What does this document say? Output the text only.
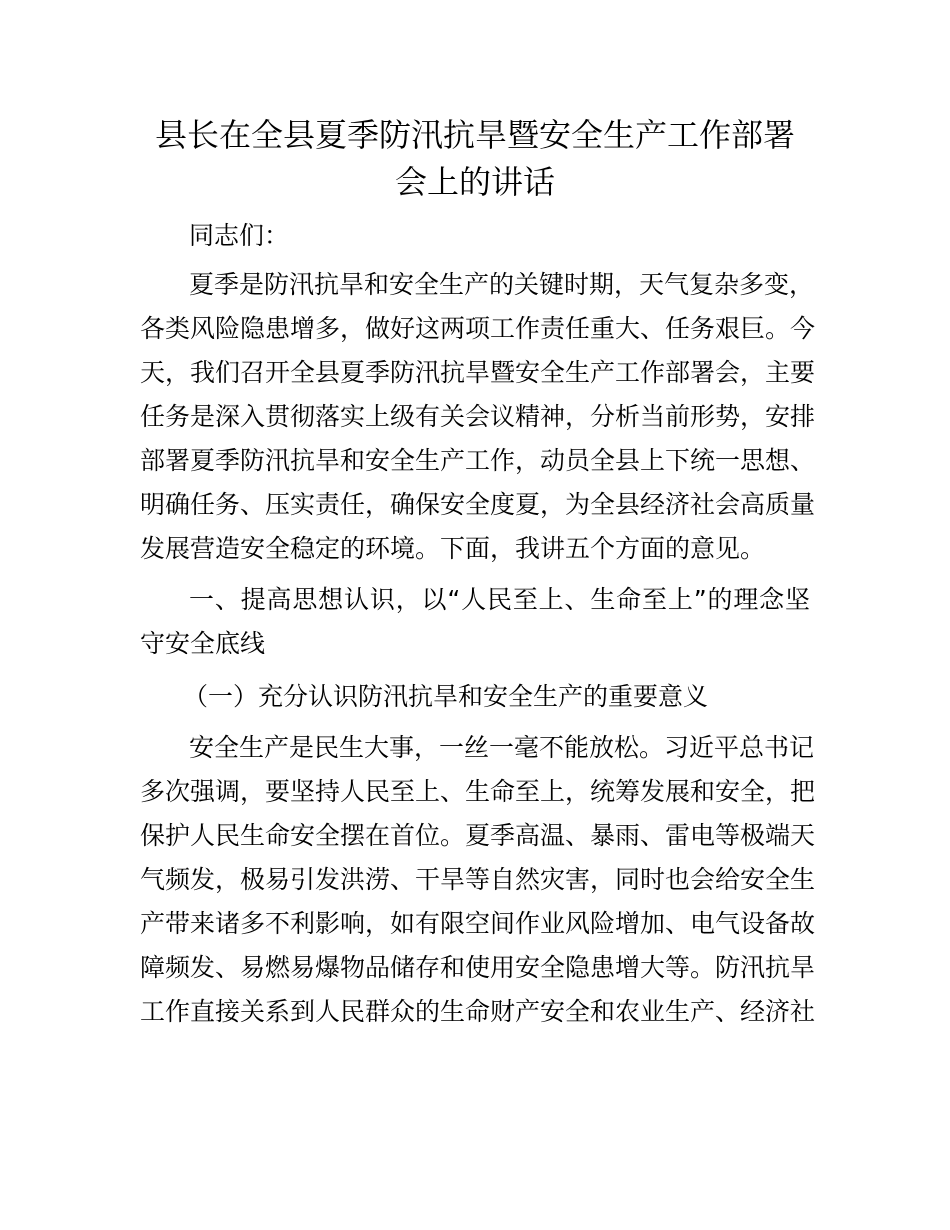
县长在全县夏季防汛抗旱暨安全生产工作部署
会上的讲话

同志们：

夏季是防汛抗旱和安全生产的关键时期，天气复杂多变，

各类风险隐患增多，做好这两项工作责任重大、任务艰巨。今

天，我们召开全县夏季防汛抗旱暨安全生产工作部署会，主要

任务是深入贯彻落实上级有关会议精神，分析当前形势，安排

部署夏季防汛抗旱和安全生产工作，动员全县上下统一思想、

明确任务、压实责任，确保安全度夏，为全县经济社会高质量

发展营造安全稳定的环境。下面，我讲五个方面的意见。

一、提高思想认识，以“人民至上、生命至上”的理念坚

守安全底线

（一）充分认识防汛抗旱和安全生产的重要意义

安全生产是民生大事，一丝一毫不能放松。习近平总书记

多次强调，要坚持人民至上、生命至上，统筹发展和安全，把

保护人民生命安全摆在首位。夏季高温、暴雨、雷电等极端天

气频发，极易引发洪涝、干旱等自然灾害，同时也会给安全生

产带来诸多不利影响，如有限空间作业风险增加、电气设备故

障频发、易燃易爆物品储存和使用安全隐患增大等。防汛抗旱

工作直接关系到人民群众的生命财产安全和农业生产、经济社
